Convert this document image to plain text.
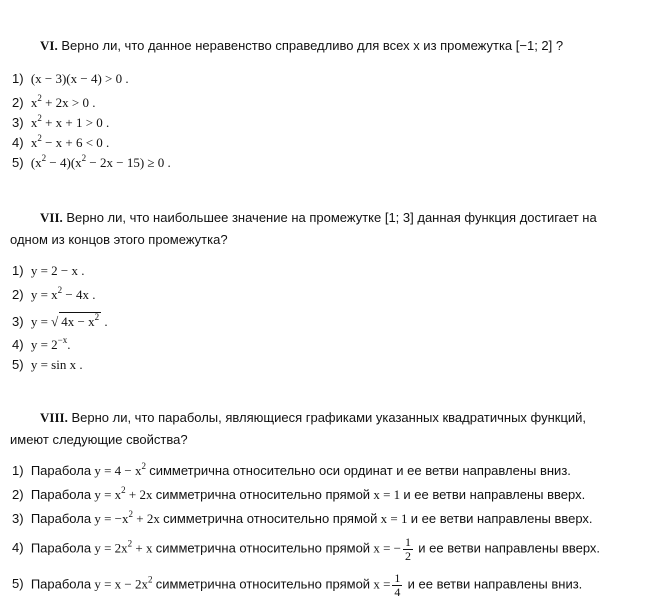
VI. Верно ли, что данное неравенство справедливо для всех x из промежутка [−1; 2] ?
1) (x − 3)(x − 4) > 0 .
2) $x^2 + 2x > 0$ .
3) $x^2 + x + 1 > 0$ .
4) $x^2 - x + 6 < 0$ .
5) $(x^2 - 4)(x^2 - 2x - 15) \ge 0$ .
VII. Верно ли, что наибольшее значение на промежутке [1; 3] данная функция достигает на
одном из концов этого промежутка?
1) y = 2 − x .
2) $y = x^2 - 4x$ .
3) y = √ $4x - x^2$ .
4) $y = 2^{-x}$.
5) y = sin x .
VIII. Верно ли, что параболы, являющиеся графиками указанных квадратичных функций,
имеют следующие свойства?
1) Парабола $y = 4 - x^2$ симметрична относительно оси ординат и ее ветви направлены вниз.
2) Парабола $y = x^2 + 2x$ симметрична относительно прямой x = 1 и ее ветви направлены вверх.
3) Парабола $y = -x^2 + 2x$ симметрична относительно прямой x = 1 и ее ветви направлены вверх.
4) Парабола $y = 2x^2 + x$ симметрична относительно прямой x = − $\frac{1}{2}$ и ее ветви направлены вверх.
5) Парабола $y = x - 2x^2$ симметрична относительно прямой $x = \frac{1}{4}$ и ее ветви направлены вниз.
